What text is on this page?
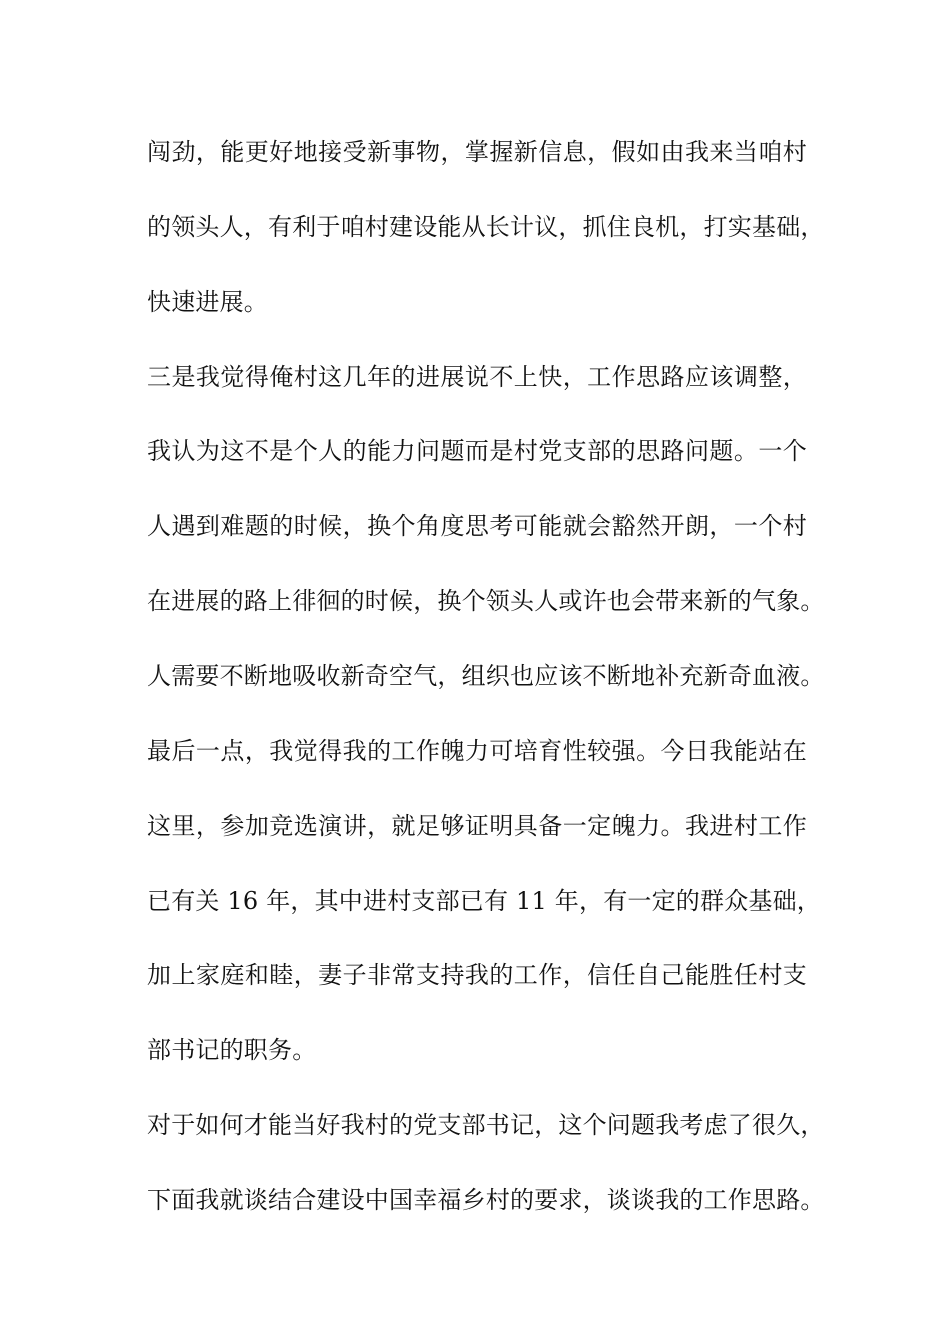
闯劲，能更好地接受新事物，掌握新信息，假如由我来当咱村
的领头人，有利于咱村建设能从长计议，抓住良机，打实基础，
快速进展。
三是我觉得俺村这几年的进展说不上快，工作思路应该调整，
我认为这不是个人的能力问题而是村党支部的思路问题。一个
人遇到难题的时候，换个角度思考可能就会豁然开朗，一个村
在进展的路上徘徊的时候，换个领头人或许也会带来新的气象。
人需要不断地吸收新奇空气，组织也应该不断地补充新奇血液。
最后一点，我觉得我的工作魄力可培育性较强。今日我能站在
这里，参加竞选演讲，就足够证明具备一定魄力。我进村工作
已有关 16 年，其中进村支部已有 11 年，有一定的群众基础，
加上家庭和睦，妻子非常支持我的工作，信任自己能胜任村支
部书记的职务。
对于如何才能当好我村的党支部书记，这个问题我考虑了很久，
下面我就谈结合建设中国幸福乡村的要求，谈谈我的工作思路。
